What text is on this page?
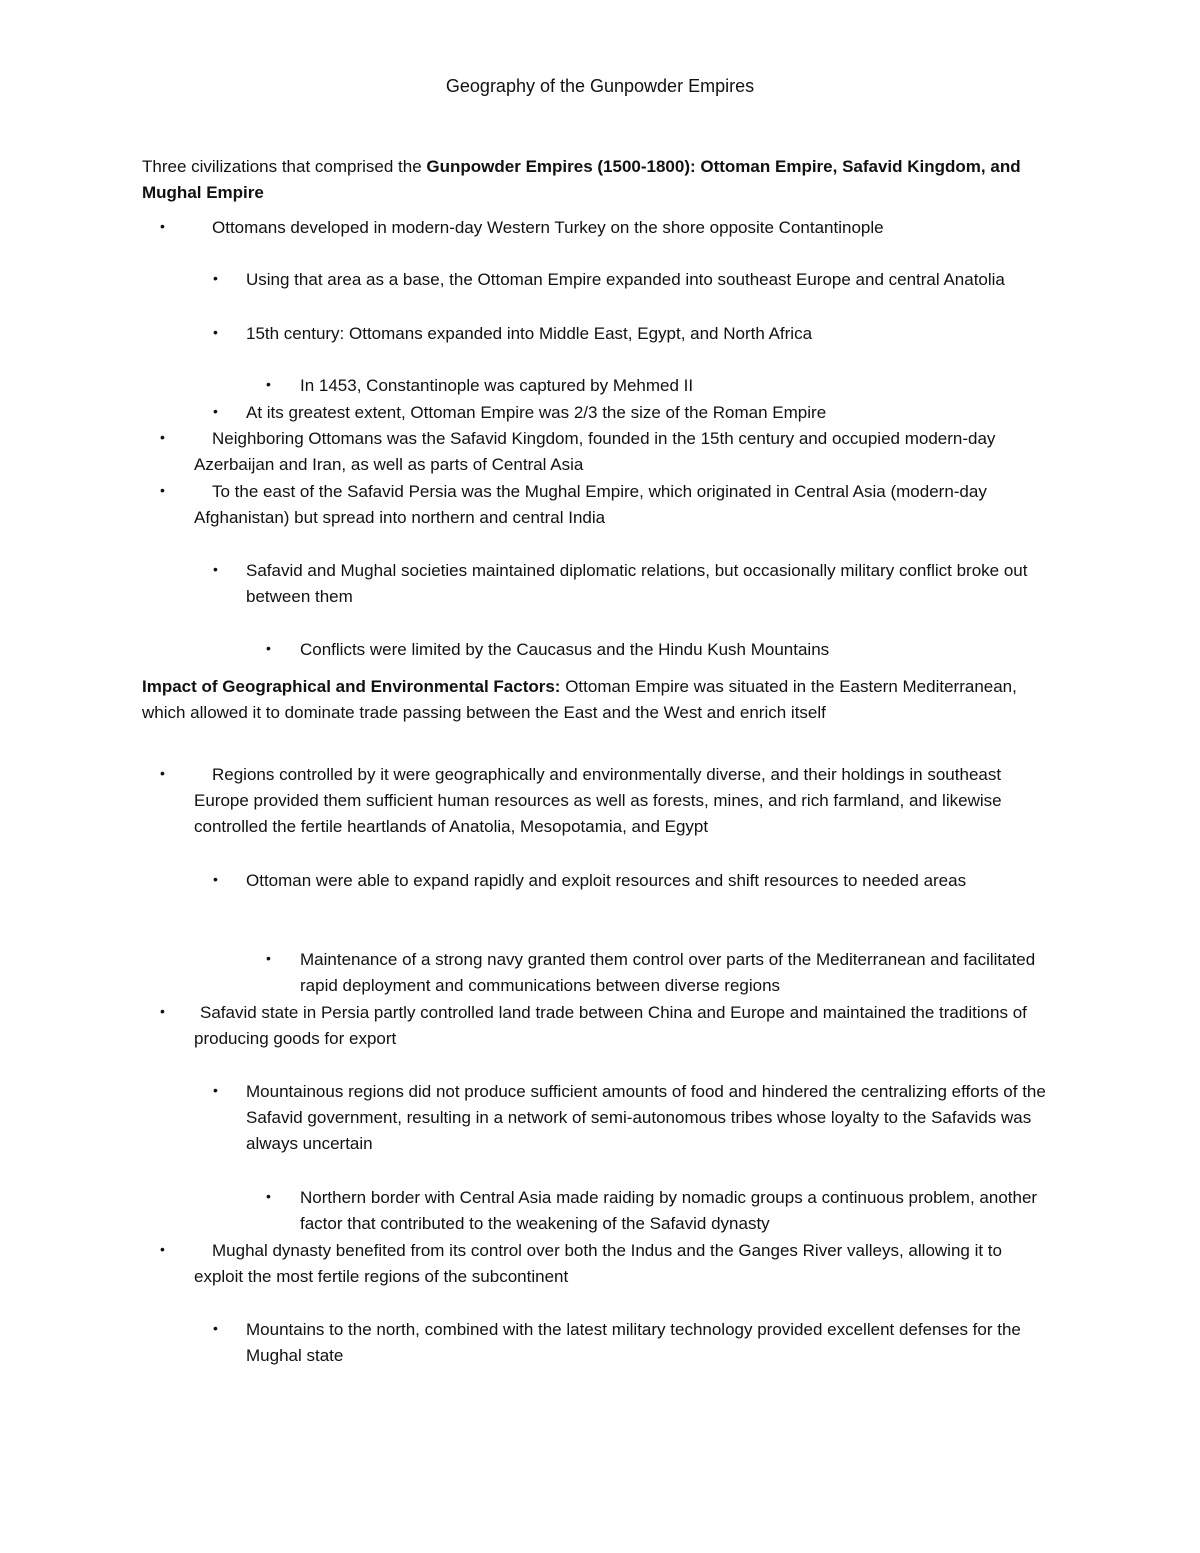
Geography of the Gunpowder Empires
Three civilizations that comprised the Gunpowder Empires (1500-1800): Ottoman Empire, Safavid Kingdom, and Mughal Empire
•	Ottomans developed in modern-day Western Turkey on the shore opposite Contantinople
• Using that area as a base, the Ottoman Empire expanded into southeast Europe and central Anatolia
• 15th century: Ottomans expanded into Middle East, Egypt, and North Africa
• In 1453, Constantinople was captured by Mehmed II
• At its greatest extent, Ottoman Empire was 2/3 the size of the Roman Empire
•	Neighboring Ottomans was the Safavid Kingdom, founded in the 15th century and occupied modern-day Azerbaijan and Iran, as well as parts of Central Asia
•	To the east of the Safavid Persia was the Mughal Empire, which originated in Central Asia (modern-day Afghanistan) but spread into northern and central India
• Safavid and Mughal societies maintained diplomatic relations, but occasionally military conflict broke out between them
• Conflicts were limited by the Caucasus and the Hindu Kush Mountains
Impact of Geographical and Environmental Factors: Ottoman Empire was situated in the Eastern Mediterranean, which allowed it to dominate trade passing between the East and the West and enrich itself
•	Regions controlled by it were geographically and environmentally diverse, and their holdings in southeast Europe provided them sufficient human resources as well as forests, mines, and rich farmland, and likewise controlled the fertile heartlands of Anatolia, Mesopotamia, and Egypt
• Ottoman were able to expand rapidly and exploit resources and shift resources to needed areas
• Maintenance of a strong navy granted them control over parts of the Mediterranean and facilitated rapid deployment and communications between diverse regions
•	Safavid state in Persia partly controlled land trade between China and Europe and maintained the traditions of producing goods for export
• Mountainous regions did not produce sufficient amounts of food and hindered the centralizing efforts of the Safavid government, resulting in a network of semi-autonomous tribes whose loyalty to the Safavids was always uncertain
• Northern border with Central Asia made raiding by nomadic groups a continuous problem, another factor that contributed to the weakening of the Safavid dynasty
•	Mughal dynasty benefited from its control over both the Indus and the Ganges River valleys, allowing it to exploit the most fertile regions of the subcontinent
• Mountains to the north, combined with the latest military technology provided excellent defenses for the Mughal state
